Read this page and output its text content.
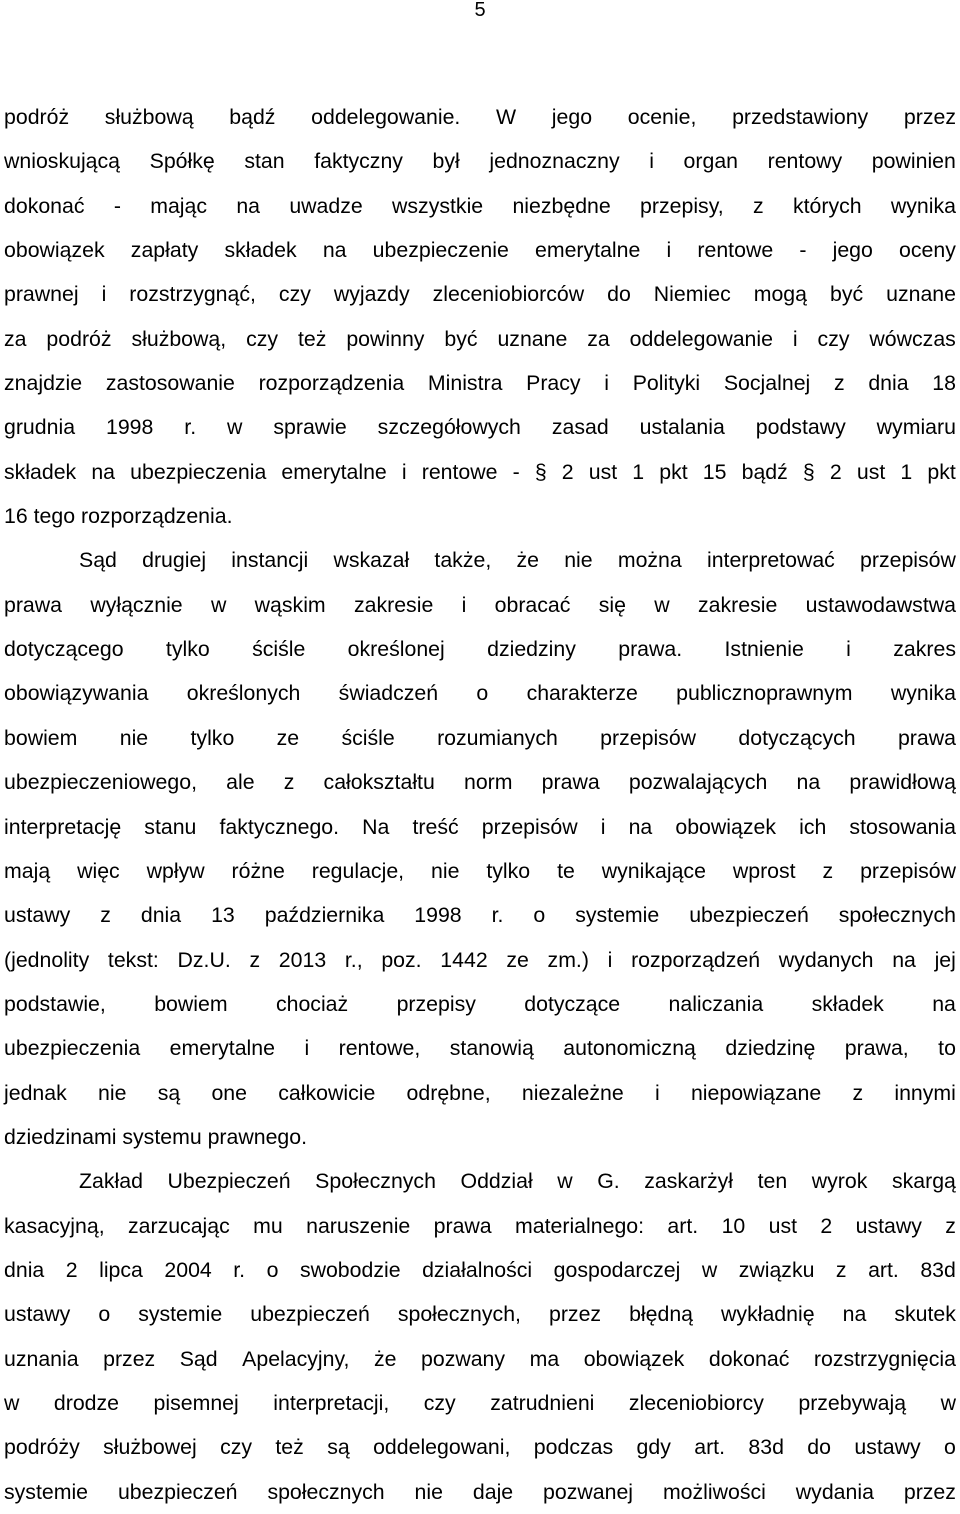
5
podróż służbową bądź oddelegowanie. W jego ocenie, przedstawiony przez
wnioskującą Spółkę stan faktyczny był jednoznaczny i organ rentowy powinien
dokonać - mając na uwadze wszystkie niezbędne przepisy, z których wynika
obowiązek zapłaty składek na ubezpieczenie emerytalne i rentowe - jego oceny
prawnej i rozstrzygnąć, czy wyjazdy zleceniobiorców do Niemiec mogą być uznane
za podróż służbową, czy też powinny być uznane za oddelegowanie i czy wówczas
znajdzie zastosowanie rozporządzenia Ministra Pracy i Polityki Socjalnej z dnia 18
grudnia 1998 r. w sprawie szczegółowych zasad ustalania podstawy wymiaru
składek na ubezpieczenia emerytalne i rentowe - § 2 ust 1 pkt 15 bądź § 2 ust 1 pkt
16 tego rozporządzenia.
Sąd drugiej instancji wskazał także, że nie można interpretować przepisów
prawa wyłącznie w wąskim zakresie i obracać się w zakresie ustawodawstwa
dotyczącego tylko ściśle określonej dziedziny prawa. Istnienie i zakres
obowiązywania określonych świadczeń o charakterze publicznoprawnym wynika
bowiem nie tylko ze ściśle rozumianych przepisów dotyczących prawa
ubezpieczeniowego, ale z całokształtu norm prawa pozwalających na prawidłową
interpretację stanu faktycznego. Na treść przepisów i na obowiązek ich stosowania
mają więc wpływ różne regulacje, nie tylko te wynikające wprost z przepisów
ustawy z dnia 13 października 1998 r. o systemie ubezpieczeń społecznych
(jednolity tekst: Dz.U. z 2013 r., poz. 1442 ze zm.) i rozporządzeń wydanych na jej
podstawie, bowiem chociaż przepisy dotyczące naliczania składek na
ubezpieczenia emerytalne i rentowe, stanowią autonomiczną dziedzinę prawa, to
jednak nie są one całkowicie odrębne, niezależne i niepowiązane z innymi
dziedzinami systemu prawnego.
Zakład Ubezpieczeń Społecznych Oddział w G. zaskarżył ten wyrok skargą
kasacyjną, zarzucając mu naruszenie prawa materialnego: art. 10 ust 2 ustawy z
dnia 2 lipca 2004 r. o swobodzie działalności gospodarczej w związku z art. 83d
ustawy o systemie ubezpieczeń społecznych, przez błędną wykładnię na skutek
uznania przez Sąd Apelacyjny, że pozwany ma obowiązek dokonać rozstrzygnięcia
w drodze pisemnej interpretacji, czy zatrudnieni zleceniobiorcy przebywają w
podróży służbowej czy też są oddelegowani, podczas gdy art. 83d do ustawy o
systemie ubezpieczeń społecznych nie daje pozwanej możliwości wydania przez
